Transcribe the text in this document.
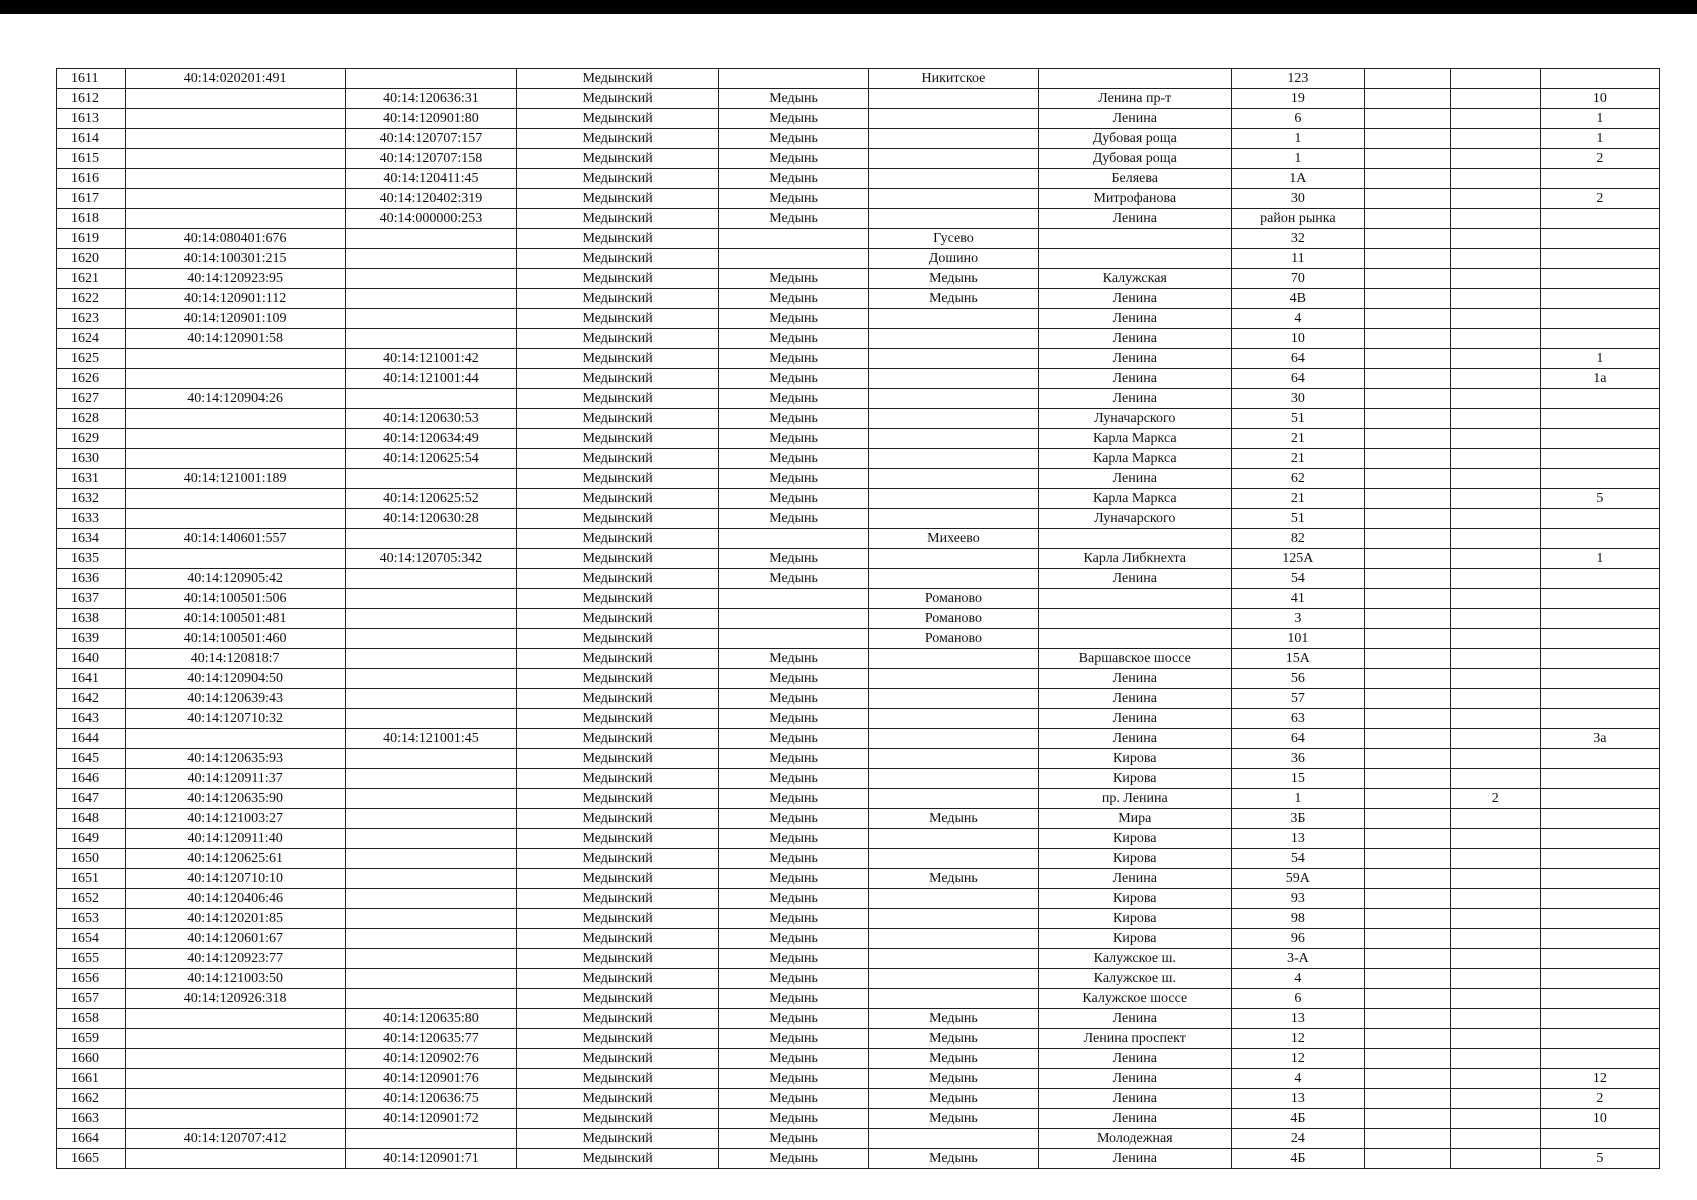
1611	40:14:020201:491		Медынский		Никитское		123			
1612		40:14:120636:31	Медынский	Медынь		Ленина пр-т	19			10
1613		40:14:120901:80	Медынский	Медынь		Ленина	6			1
1614		40:14:120707:157	Медынский	Медынь		Дубовая роща	1			1
1615		40:14:120707:158	Медынский	Медынь		Дубовая роща	1			2
1616		40:14:120411:45	Медынский	Медынь		Беляева	1А			
1617		40:14:120402:319	Медынский	Медынь		Митрофанова	30			2
1618		40:14:000000:253	Медынский	Медынь		Ленина	район рынка			
1619	40:14:080401:676		Медынский		Гусево		32			
1620	40:14:100301:215		Медынский		Дошино		11			
1621	40:14:120923:95		Медынский	Медынь	Медынь	Калужская	70			
1622	40:14:120901:112		Медынский	Медынь	Медынь	Ленина	4В			
1623	40:14:120901:109		Медынский	Медынь		Ленина	4			
1624	40:14:120901:58		Медынский	Медынь		Ленина	10			
1625		40:14:121001:42	Медынский	Медынь		Ленина	64			1
1626		40:14:121001:44	Медынский	Медынь		Ленина	64			1а
1627	40:14:120904:26		Медынский	Медынь		Ленина	30			
1628		40:14:120630:53	Медынский	Медынь		Луначарского	51			
1629		40:14:120634:49	Медынский	Медынь		Карла Маркса	21			
1630		40:14:120625:54	Медынский	Медынь		Карла Маркса	21			
1631	40:14:121001:189		Медынский	Медынь		Ленина	62			
1632		40:14:120625:52	Медынский	Медынь		Карла Маркса	21			5
1633		40:14:120630:28	Медынский	Медынь		Луначарского	51			
1634	40:14:140601:557		Медынский		Михеево		82			
1635		40:14:120705:342	Медынский	Медынь		Карла Либкнехта	125А			1
1636	40:14:120905:42		Медынский	Медынь		Ленина	54			
1637	40:14:100501:506		Медынский		Романово		41			
1638	40:14:100501:481		Медынский		Романово		3			
1639	40:14:100501:460		Медынский		Романово		101			
1640	40:14:120818:7		Медынский	Медынь		Варшавское шоссе	15А			
1641	40:14:120904:50		Медынский	Медынь		Ленина	56			
1642	40:14:120639:43		Медынский	Медынь		Ленина	57			
1643	40:14:120710:32		Медынский	Медынь		Ленина	63			
1644		40:14:121001:45	Медынский	Медынь		Ленина	64			3а
1645	40:14:120635:93		Медынский	Медынь		Кирова	36			
1646	40:14:120911:37		Медынский	Медынь		Кирова	15			
1647	40:14:120635:90		Медынский	Медынь		пр. Ленина	1		2	
1648	40:14:121003:27		Медынский	Медынь	Медынь	Мира	3Б			
1649	40:14:120911:40		Медынский	Медынь		Кирова	13			
1650	40:14:120625:61		Медынский	Медынь		Кирова	54			
1651	40:14:120710:10		Медынский	Медынь	Медынь	Ленина	59А			
1652	40:14:120406:46		Медынский	Медынь		Кирова	93			
1653	40:14:120201:85		Медынский	Медынь		Кирова	98			
1654	40:14:120601:67		Медынский	Медынь		Кирова	96			
1655	40:14:120923:77		Медынский	Медынь		Калужское ш.	3-А			
1656	40:14:121003:50		Медынский	Медынь		Калужское ш.	4			
1657	40:14:120926:318		Медынский	Медынь		Калужское шоссе	6			
1658		40:14:120635:80	Медынский	Медынь	Медынь	Ленина	13			
1659		40:14:120635:77	Медынский	Медынь	Медынь	Ленина проспект	12			
1660		40:14:120902:76	Медынский	Медынь	Медынь	Ленина	12			
1661		40:14:120901:76	Медынский	Медынь	Медынь	Ленина	4			12
1662		40:14:120636:75	Медынский	Медынь	Медынь	Ленина	13			2
1663		40:14:120901:72	Медынский	Медынь	Медынь	Ленина	4Б			10
1664	40:14:120707:412		Медынский	Медынь		Молодежная	24			
1665		40:14:120901:71	Медынский	Медынь	Медынь	Ленина	4Б			5
